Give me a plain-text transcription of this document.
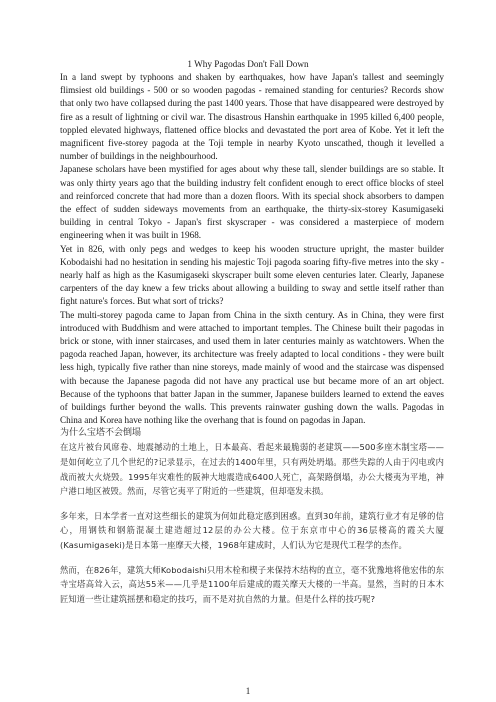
1 Why Pagodas Don't Fall Down

In a land swept by typhoons and shaken by earthquakes, how have Japan's tallest and seemingly flimsiest old buildings - 500 or so wooden pagodas - remained standing for centuries? Records show that only two have collapsed during the past 1400 years. Those that have disappeared were destroyed by fire as a result of lightning or civil war. The disastrous Hanshin earthquake in 1995 killed 6,400 people, toppled elevated highways, flattened office blocks and devastated the port area of Kobe. Yet it left the magnificent five-storey pagoda at the Toji temple in nearby Kyoto unscathed, though it levelled a number of buildings in the neighbourhood.

Japanese scholars have been mystified for ages about why these tall, slender buildings are so stable. It was only thirty years ago that the building industry felt confident enough to erect office blocks of steel and reinforced concrete that had more than a dozen floors. With its special shock absorbers to dampen the effect of sudden sideways movements from an earthquake, the thirty-six-storey Kasumigaseki building in central Tokyo - Japan's first skyscraper - was considered a masterpiece of modern engineering when it was built in 1968.

Yet in 826, with only pegs and wedges to keep his wooden structure upright, the master builder Kobodaishi had no hesitation in sending his majestic Toji pagoda soaring fifty-five metres into the sky - nearly half as high as the Kasumigaseki skyscraper built some eleven centuries later. Clearly, Japanese carpenters of the day knew a few tricks about allowing a building to sway and settle itself rather than fight nature's forces. But what sort of tricks?

The multi-storey pagoda came to Japan from China in the sixth century. As in China, they were first introduced with Buddhism and were attached to important temples. The Chinese built their pagodas in brick or stone, with inner staircases, and used them in later centuries mainly as watchtowers. When the pagoda reached Japan, however, its architecture was freely adapted to local conditions - they were built less high, typically five rather than nine storeys, made mainly of wood and the staircase was dispensed with because the Japanese pagoda did not have any practical use but became more of an art object. Because of the typhoons that batter Japan in the summer, Japanese builders learned to extend the eaves of buildings further beyond the walls. This prevents rainwater gushing down the walls. Pagodas in China and Korea have nothing like the overhang that is found on pagodas in Japan.

为什么宝塔不会倒塌

在这片被台风席卷、地震撼动的土地上，日本最高、看起来最脆弱的老建筑——500多座木制宝塔——是如何屹立了几个世纪的?记录显示，在过去的1400年里，只有两处坍塌。那些失踪的人由于闪电或内战而被大火烧毁。1995年灾难性的阪神大地震造成6400人死亡，高架路倒塌，办公大楼夷为平地，神户港口地区被毁。然而，尽管它夷平了附近的一些建筑，但却毫发未损。

多年来，日本学者一直对这些细长的建筑为何如此稳定感到困惑。直到30年前，建筑行业才有足够的信心，用钢铁和钢筋混凝土建造超过12层的办公大楼。位于东京市中心的36层楼高的霞关大厦(Kasumigaseki)是日本第一座摩天大楼，1968年建成时，人们认为它是现代工程学的杰作。

然而，在826年，建筑大师Kobodaishi只用木栓和楔子来保持木结构的直立，毫不犹豫地将他宏伟的东寺宝塔高耸入云，高达55米——几乎是1100年后建成的霞关摩天大楼的一半高。显然，当时的日本木匠知道一些让建筑摇摆和稳定的技巧，而不是对抗自然的力量。但是什么样的技巧呢?

1
